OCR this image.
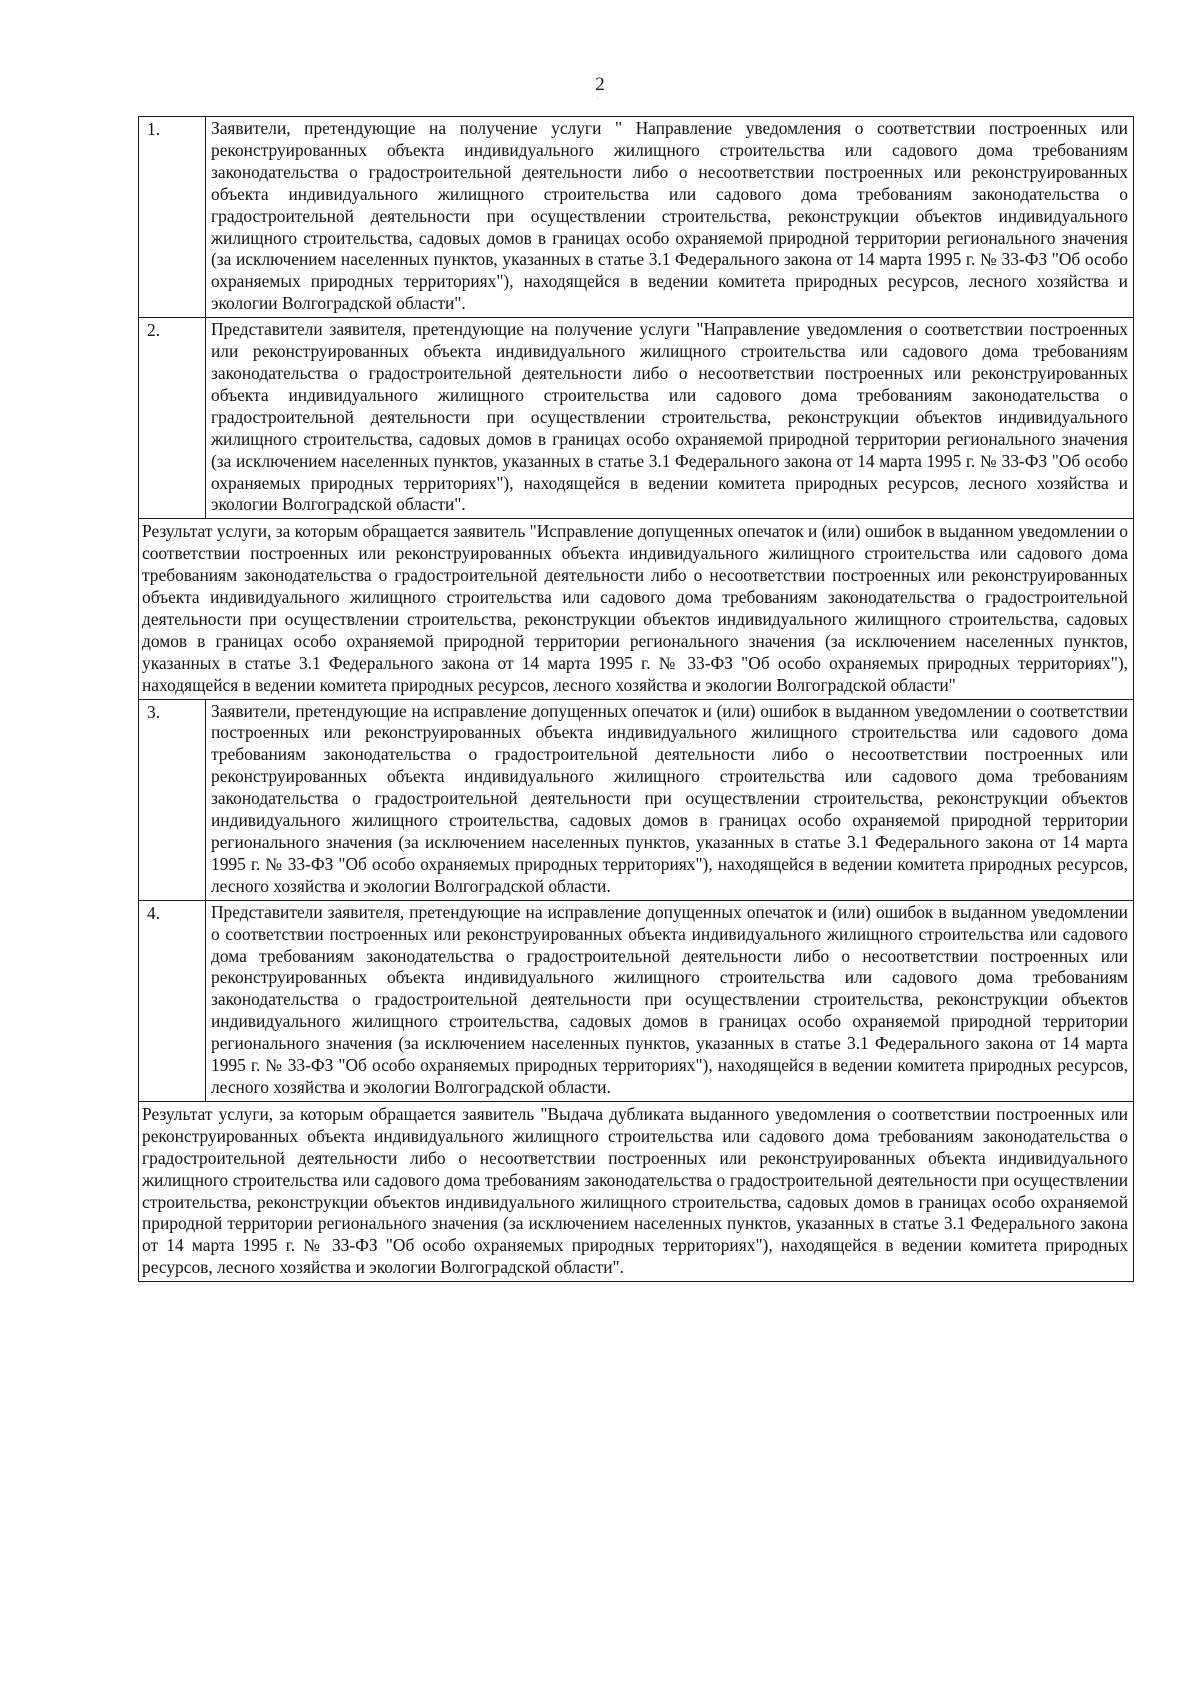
2
·
1.	Заявители, претендующие на получение услуги " Направление уведомления о соответствии построенных или реконструированных объекта индивидуального жилищного строительства или садового дома требованиям законодательства о градостроительной деятельности либо о несоответствии построенных или реконструированных объекта индивидуального жилищного строительства или садового дома требованиям законодательства о градостроительной деятельности при осуществлении строительства, реконструкции объектов индивидуального жилищного строительства, садовых домов в границах особо охраняемой природной территории регионального значения (за исключением населенных пунктов, указанных в статье 3.1 Федерального закона от 14 марта 1995 г. № 33-ФЗ "Об особо охраняемых природных территориях"), находящейся в ведении комитета природных ресурсов, лесного хозяйства и экологии Волгоградской области".
2.	Представители заявителя, претендующие на получение услуги "Направление уведомления о соответствии построенных или реконструированных объекта индивидуального жилищного строительства или садового дома требованиям законодательства о градостроительной деятельности либо о несоответствии построенных или реконструированных объекта индивидуального жилищного строительства или садового дома требованиям законодательства о градостроительной деятельности при осуществлении строительства, реконструкции объектов индивидуального жилищного строительства, садовых домов в границах особо охраняемой природной территории регионального значения (за исключением населенных пунктов, указанных в статье 3.1 Федерального закона от 14 марта 1995 г. № 33-ФЗ "Об особо охраняемых природных территориях"), находящейся в ведении комитета природных ресурсов, лесного хозяйства и экологии Волгоградской области".
Результат услуги, за которым обращается заявитель "Исправление допущенных опечаток и (или) ошибок в выданном уведомлении о соответствии построенных или реконструированных объекта индивидуального жилищного строительства или садового дома требованиям законодательства о градостроительной деятельности либо о несоответствии построенных или реконструированных объекта индивидуального жилищного строительства или садового дома требованиям законодательства о градостроительной деятельности при осуществлении строительства, реконструкции объектов индивидуального жилищного строительства, садовых домов в границах особо охраняемой природной территории регионального значения (за исключением населенных пунктов, указанных в статье 3.1 Федерального закона от 14 марта 1995 г. № 33-ФЗ "Об особо охраняемых природных территориях"), находящейся в ведении комитета природных ресурсов, лесного хозяйства и экологии Волгоградской области"	
3.	Заявители, претендующие на исправление допущенных опечаток и (или) ошибок в выданном уведомлении о соответствии построенных или реконструированных объекта индивидуального жилищного строительства или садового дома требованиям законодательства о градостроительной деятельности либо о несоответствии построенных или реконструированных объекта индивидуального жилищного строительства или садового дома требованиям законодательства о градостроительной деятельности при осуществлении строительства, реконструкции объектов индивидуального жилищного строительства, садовых домов в границах особо охраняемой природной территории регионального значения (за исключением населенных пунктов, указанных в статье 3.1 Федерального закона от 14 марта 1995 г. № 33-ФЗ "Об особо охраняемых природных территориях"), находящейся в ведении комитета природных ресурсов, лесного хозяйства и экологии Волгоградской области.
4.	Представители заявителя, претендующие на исправление допущенных опечаток и (или) ошибок в выданном уведомлении о соответствии построенных или реконструированных объекта индивидуального жилищного строительства или садового дома требованиям законодательства о градостроительной деятельности либо о несоответствии построенных или реконструированных объекта индивидуального жилищного строительства или садового дома требованиям законодательства о градостроительной деятельности при осуществлении строительства, реконструкции объектов индивидуального жилищного строительства, садовых домов в границах особо охраняемой природной территории регионального значения (за исключением населенных пунктов, указанных в статье 3.1 Федерального закона от 14 марта 1995 г. № 33-ФЗ "Об особо охраняемых природных территориях"), находящейся в ведении комитета природных ресурсов, лесного хозяйства и экологии Волгоградской области.
Результат услуги, за которым обращается заявитель "Выдача дубликата выданного уведомления о соответствии построенных или реконструированных объекта индивидуального жилищного строительства или садового дома требованиям законодательства о градостроительной деятельности либо о несоответствии построенных или реконструированных объекта индивидуального жилищного строительства или садового дома требованиям законодательства о градостроительной деятельности при осуществлении строительства, реконструкции объектов индивидуального жилищного строительства, садовых домов в границах особо охраняемой природной территории регионального значения (за исключением населенных пунктов, указанных в статье 3.1 Федерального закона от 14 марта 1995 г. № 33-ФЗ "Об особо охраняемых природных территориях"), находящейся в ведении комитета природных ресурсов, лесного хозяйства и экологии Волгоградской области".	
